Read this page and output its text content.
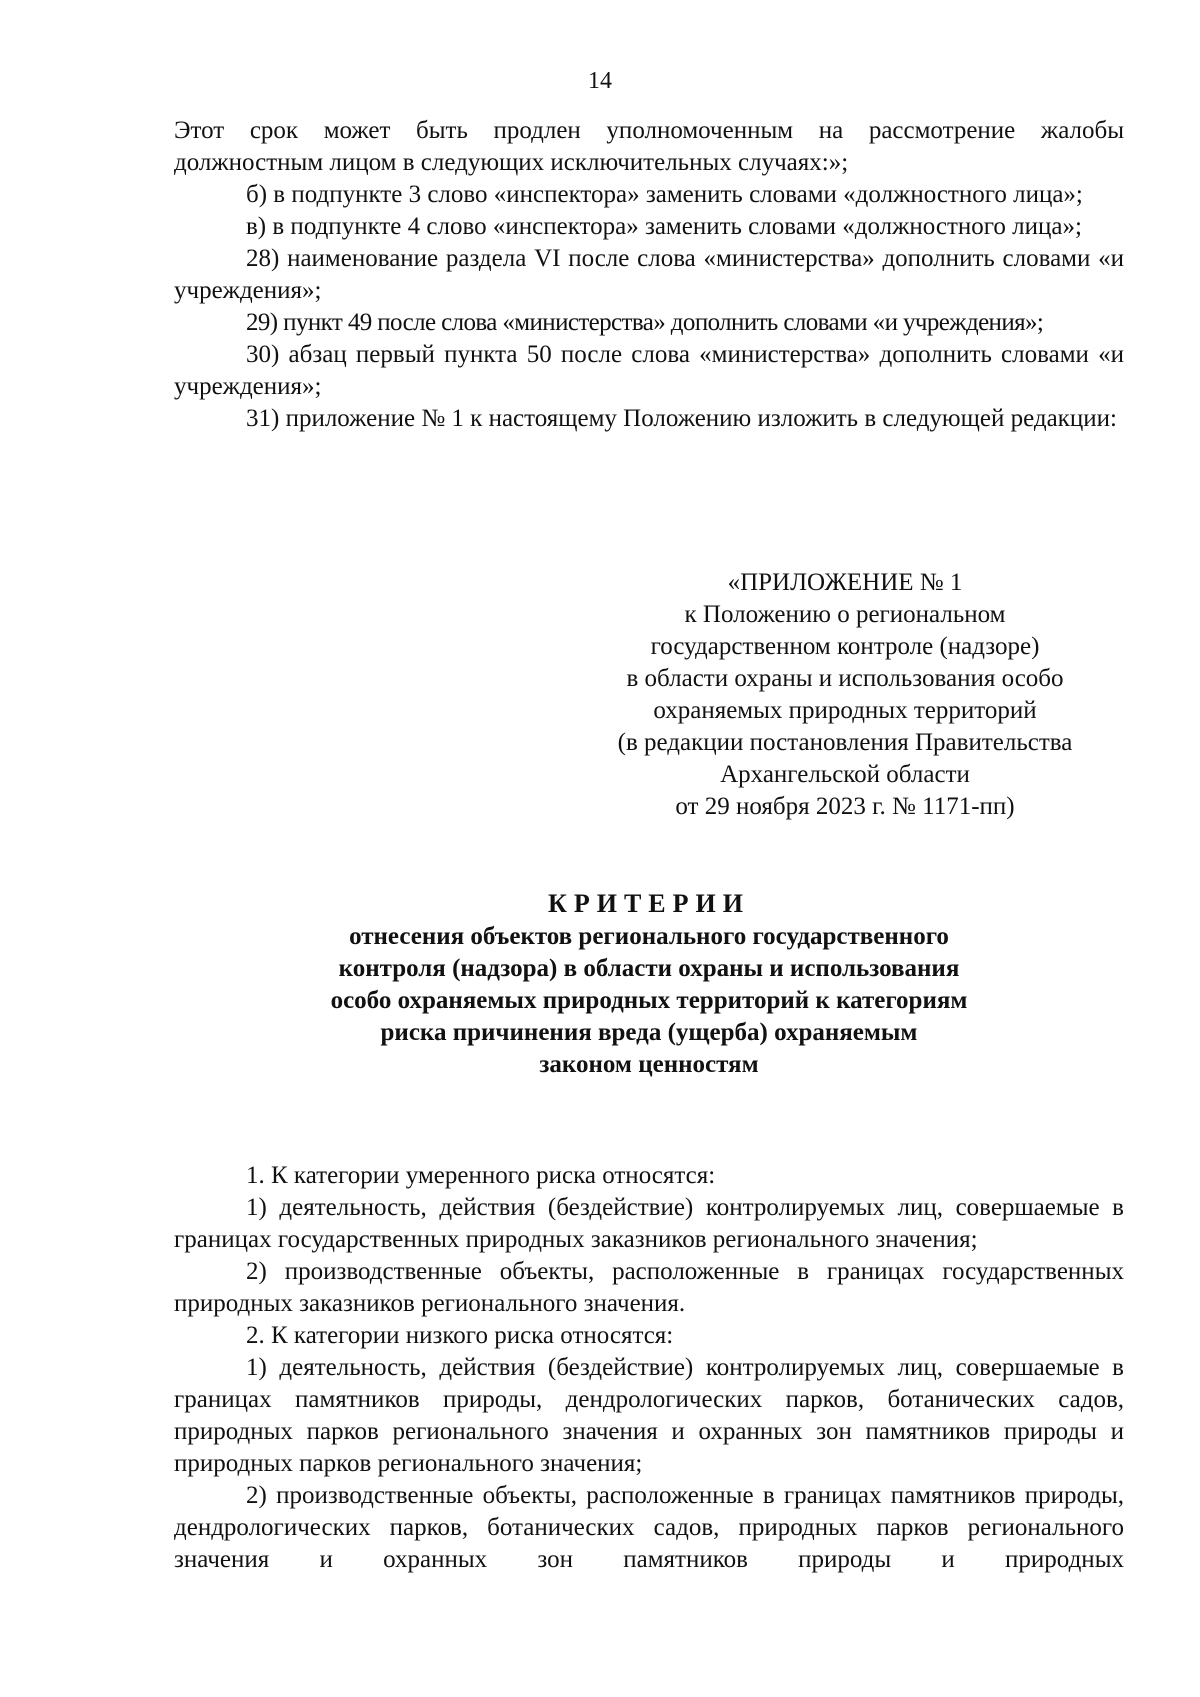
14

Этот срок может быть продлен уполномоченным на рассмотрение жалобы должностным лицом в следующих исключительных случаях:»;

б) в подпункте 3 слово «инспектора» заменить словами «должностного лица»;

в) в подпункте 4 слово «инспектора» заменить словами «должностного лица»;

28) наименование раздела VI после слова «министерства» дополнить словами «и учреждения»;

29) пункт 49 после слова «министерства» дополнить словами «и учреждения»;

30) абзац первый пункта 50 после слова «министерства» дополнить словами «и учреждения»;

31) приложение № 1 к настоящему Положению изложить в следующей редакции:

«ПРИЛОЖЕНИЕ № 1
к Положению о региональном
государственном контроле (надзоре)
в области охраны и использования особо
охраняемых природных территорий
(в редакции постановления Правительства
Архангельской области
от 29 ноября 2023 г. № 1171-пп)
КРИТЕРИИ
отнесения объектов регионального государственного
контроля (надзора) в области охраны и использования
особо охраняемых природных территорий к категориям
риска причинения вреда (ущерба) охраняемым
законом ценностям

1. К категории умеренного риска относятся:

1) деятельность, действия (бездействие) контролируемых лиц, совершаемые в границах государственных природных заказников регионального значения;

2) производственные объекты, расположенные в границах государственных природных заказников регионального значения.

2. К категории низкого риска относятся:

1) деятельность, действия (бездействие) контролируемых лиц, совершаемые в границах памятников природы, дендрологических парков, ботанических садов, природных парков регионального значения и охранных зон памятников природы и природных парков регионального значения;

2) производственные объекты, расположенные в границах памятников природы, дендрологических парков, ботанических садов, природных парков регионального значения и охранных зон памятников природы и природных
